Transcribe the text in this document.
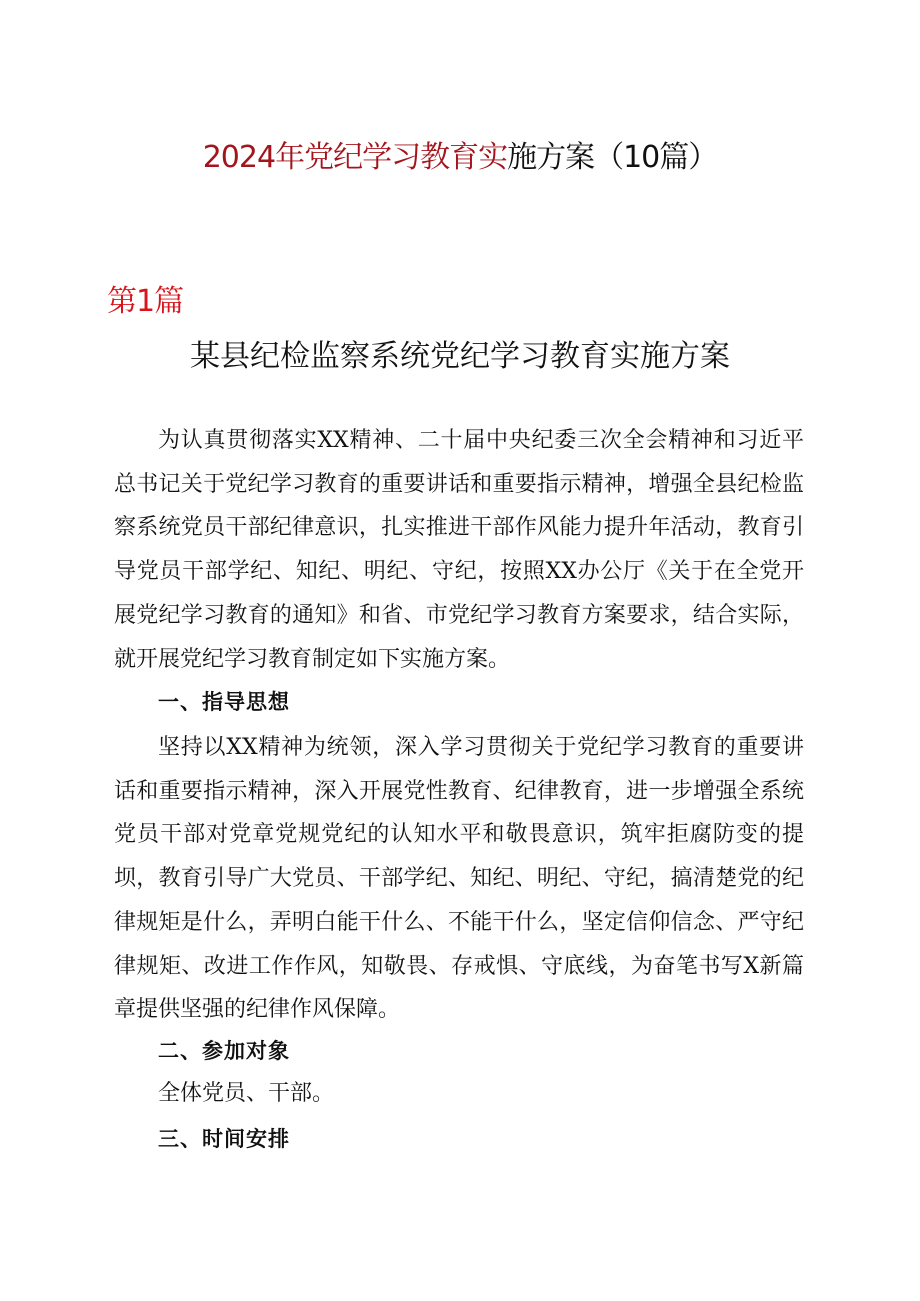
2024年党纪学习教育实施方案（10篇）
第1篇
某县纪检监察系统党纪学习教育实施方案

为认真贯彻落实XX精神、二十届中央纪委三次全会精神和习近平总书记关于党纪学习教育的重要讲话和重要指示精神，增强全县纪检监察系统党员干部纪律意识，扎实推进干部作风能力提升年活动，教育引导党员干部学纪、知纪、明纪、守纪，按照XX办公厅《关于在全党开展党纪学习教育的通知》和省、市党纪学习教育方案要求，结合实际，就开展党纪学习教育制定如下实施方案。

一、指导思想

坚持以XX精神为统领，深入学习贯彻关于党纪学习教育的重要讲话和重要指示精神，深入开展党性教育、纪律教育，进一步增强全系统党员干部对党章党规党纪的认知水平和敬畏意识，筑牢拒腐防变的提坝，教育引导广大党员、干部学纪、知纪、明纪、守纪，搞清楚党的纪律规矩是什么，弄明白能干什么、不能干什么，坚定信仰信念、严守纪律规矩、改进工作作风，知敬畏、存戒惧、守底线，为奋笔书写X新篇章提供坚强的纪律作风保障。

二、参加对象
全体党员、干部。
三、时间安排
